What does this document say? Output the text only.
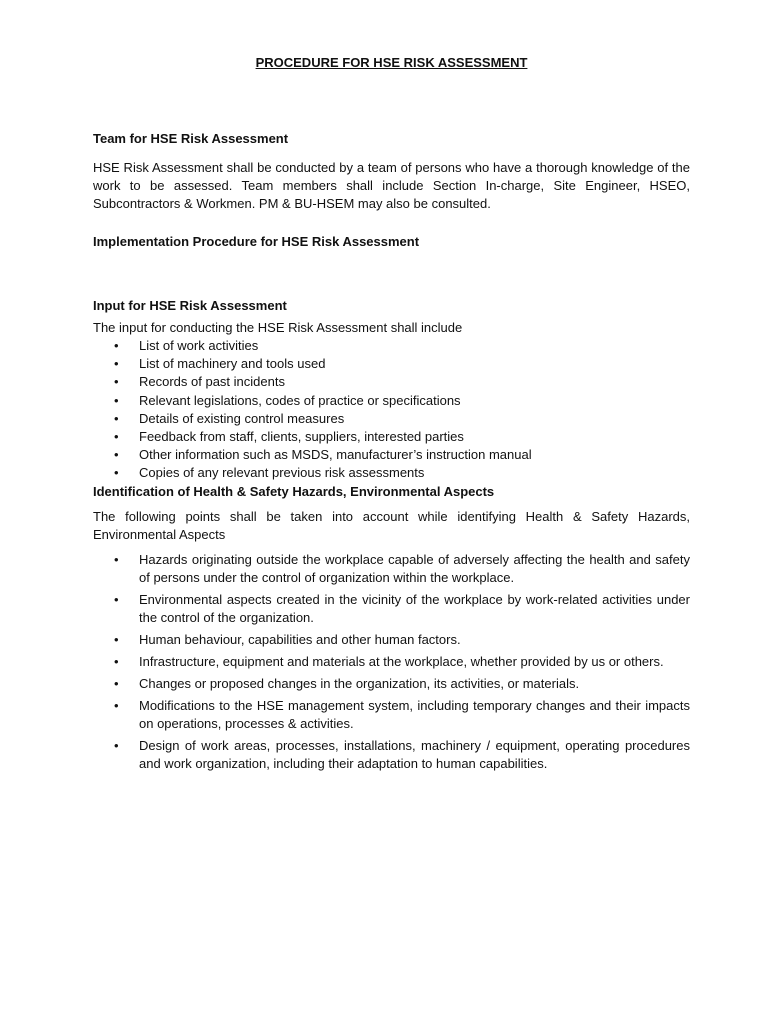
PROCEDURE FOR HSE RISK ASSESSMENT

Team for HSE Risk Assessment

HSE Risk Assessment shall be conducted by a team of persons who have a thorough knowledge of the work to be assessed. Team members shall include Section In-charge, Site Engineer, HSEO, Subcontractors & Workmen. PM & BU-HSEM may also be consulted.

Implementation Procedure for HSE Risk Assessment

Input for HSE Risk Assessment

The input for conducting the HSE Risk Assessment shall include

• List of work activities
• List of machinery and tools used
• Records of past incidents
• Relevant legislations, codes of practice or specifications
• Details of existing control measures
• Feedback from staff, clients, suppliers, interested parties
• Other information such as MSDS, manufacturer’s instruction manual
• Copies of any relevant previous risk assessments

Identification of Health & Safety Hazards, Environmental Aspects

The following points shall be taken into account while identifying Health & Safety Hazards, Environmental Aspects

• Hazards originating outside the workplace capable of adversely affecting the health and safety of persons under the control of organization within the workplace.
• Environmental aspects created in the vicinity of the workplace by work-related activities under the control of the organization.
• Human behaviour, capabilities and other human factors.
• Infrastructure, equipment and materials at the workplace, whether provided by us or others.
• Changes or proposed changes in the organization, its activities, or materials.
• Modifications to the HSE management system, including temporary changes and their impacts on operations, processes & activities.
• Design of work areas, processes, installations, machinery / equipment, operating procedures and work organization, including their adaptation to human capabilities.
